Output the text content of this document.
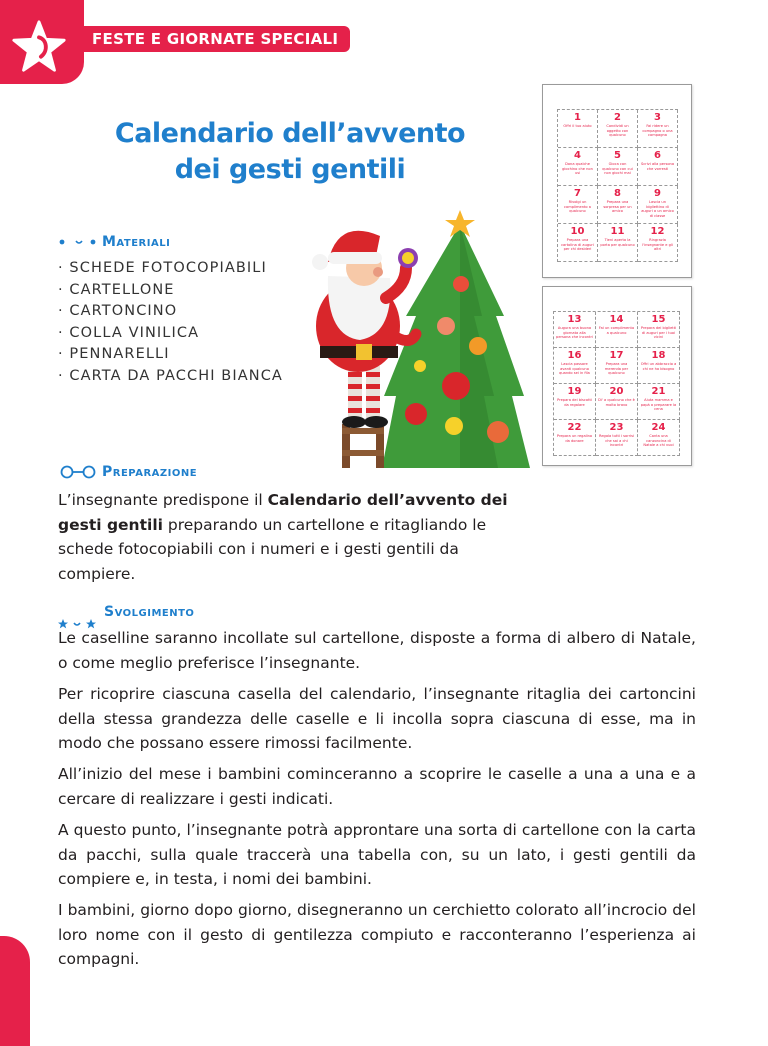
FESTE E GIORNATE SPECIALI
Calendario dell’avvento
dei gesti gentili
Materiali
· SCHEDE FOTOCOPIABILI
· CARTELLONE
· CARTONCINO
· COLLA VINILICA
· PENNARELLI
· CARTA DA PACCHI BIANCA
1
Offri il tuo aiuto
2
Condividi un oggetto con qualcuno
3
Fai ridere un compagno o una compagna
4
Dona qualche giochino che non usi
5
Gioca con qualcuno con cui non giochi mai
6
Scrivi alla persona che vorresti
7
Rivolgi un complimento a qualcuno
8
Prepara una sorpresa per un amico
9
Lascia un bigliettino di auguri a un amico di classe
10
Prepara una cartolina di auguri per chi desideri
11
Tieni aperta la porta per qualcuno
12
Ringrazia l'insegnante e gli altri
13
Augura una buona giornata alla persona che incontri
14
Fai un complimento a qualcuno
15
Prepara dei biglietti di auguri per i tuoi vicini
16
Lascia passare avanti qualcuno quando sei in fila
17
Prepara una merenda per qualcuno
18
Offri un abbraccio a chi ne ha bisogno
19
Prepara dei biscotti da regalare
20
Di' a qualcuno che è molto bravo
21
Aiuta mamma e papà a preparare la cena
22
Prepara un regalino da donare
23
Regala tutti i sorrisi che sai a chi incontri
24
Canta una canzoncina di Natale a chi vuoi
Preparazione

L’insegnante predispone il Calendario dell’avvento dei gesti gentili preparando un cartellone e ritagliando le schede fotocopiabili con i numeri e i gesti gentili da compiere.

Svolgimento

Le caselline saranno incollate sul cartellone, disposte a forma di albero di Natale, o come meglio preferisce l’insegnante.

Per ricoprire ciascuna casella del calendario, l’insegnante ritaglia dei cartoncini della stessa grandezza delle caselle e li incolla sopra ciascuna di esse, ma in modo che possano essere rimossi facilmente.

All’inizio del mese i bambini cominceranno a scoprire le caselle a una a una e a cercare di realizzare i gesti indicati.

A questo punto, l’insegnante potrà approntare una sorta di cartellone con la carta da pacchi, sulla quale traccerà una tabella con, su un lato, i gesti gentili da compiere e, in testa, i nomi dei bambini.

I bambini, giorno dopo giorno, disegneranno un cerchietto colorato all’incrocio del loro nome con il gesto di gentilezza compiuto e racconteranno l’esperienza ai compagni.
